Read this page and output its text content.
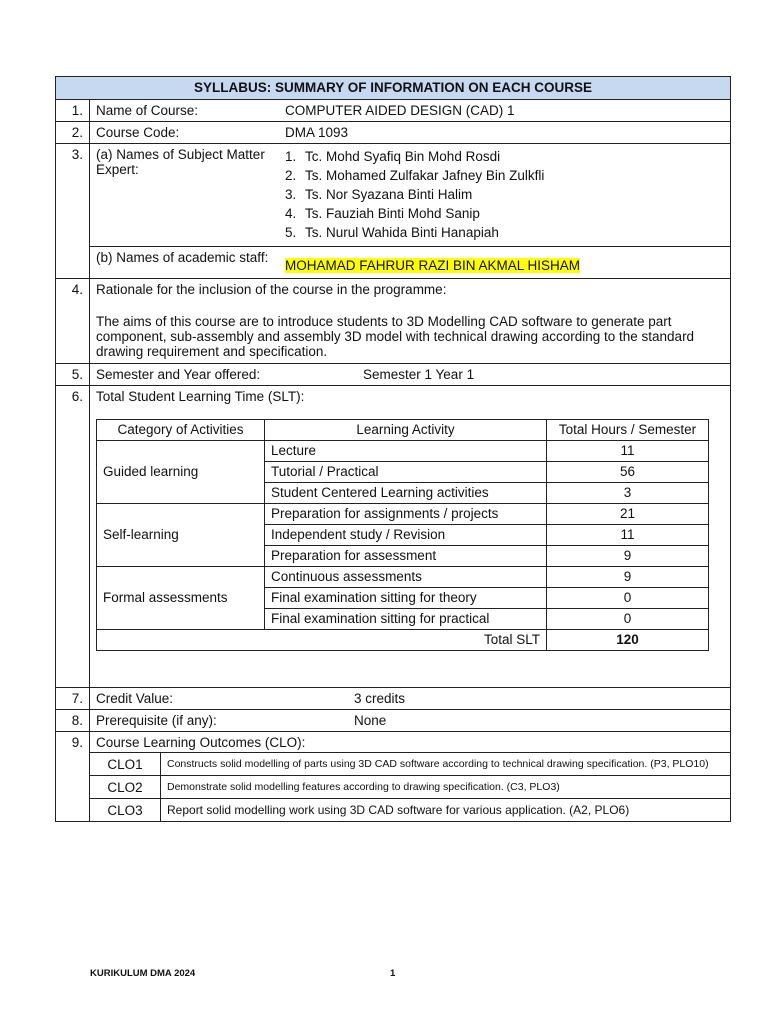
SYLLABUS: SUMMARY OF INFORMATION ON EACH COURSE
1.	Name of Course:	COMPUTER AIDED DESIGN (CAD) 1

2.	Course Code:	DMA 1093

3.	(a) Names of Subject Matter Expert:
1. Tc. Mohd Syafiq Bin Mohd Rosdi
2. Ts. Mohamed Zulfakar Jafney Bin Zulkfli
3. Ts. Nor Syazana Binti Halim
4. Ts. Fauziah Binti Mohd Sanip
5. Ts. Nurul Wahida Binti Hanapiah

(b) Names of academic staff:
MOHAMAD FAHRUR RAZI BIN AKMAL HISHAM

4.	Rationale for the inclusion of the course in the programme:
The aims of this course are to introduce students to 3D Modelling CAD software to generate part component, sub-assembly and assembly 3D model with technical drawing according to the standard drawing requirement and specification.

5.	Semester and Year offered:	Semester 1 Year 1

6.	Total Student Learning Time (SLT):
Category of Activities	Learning Activity	Total Hours / Semester
Guided learning	Lecture	11
Tutorial / Practical	56
Student Centered Learning activities	3
Self-learning	Preparation for assignments / projects	21
Independent study / Revision	11
Preparation for assessment	9
Formal assessments	Continuous assessments	9
Final examination sitting for theory	0
Final examination sitting for practical	0
Total SLT	120

7.	Credit Value:	3 credits

8.	Prerequisite (if any):	None

9.	Course Learning Outcomes (CLO):

CLO1	Constructs solid modelling of parts using 3D CAD software according to technical drawing specification. (P3, PLO10)
CLO2	Demonstrate solid modelling features according to drawing specification. (C3, PLO3)
CLO3	Report solid modelling work using 3D CAD software for various application. (A2, PLO6)
KURIKULUM DMA 2024	1
